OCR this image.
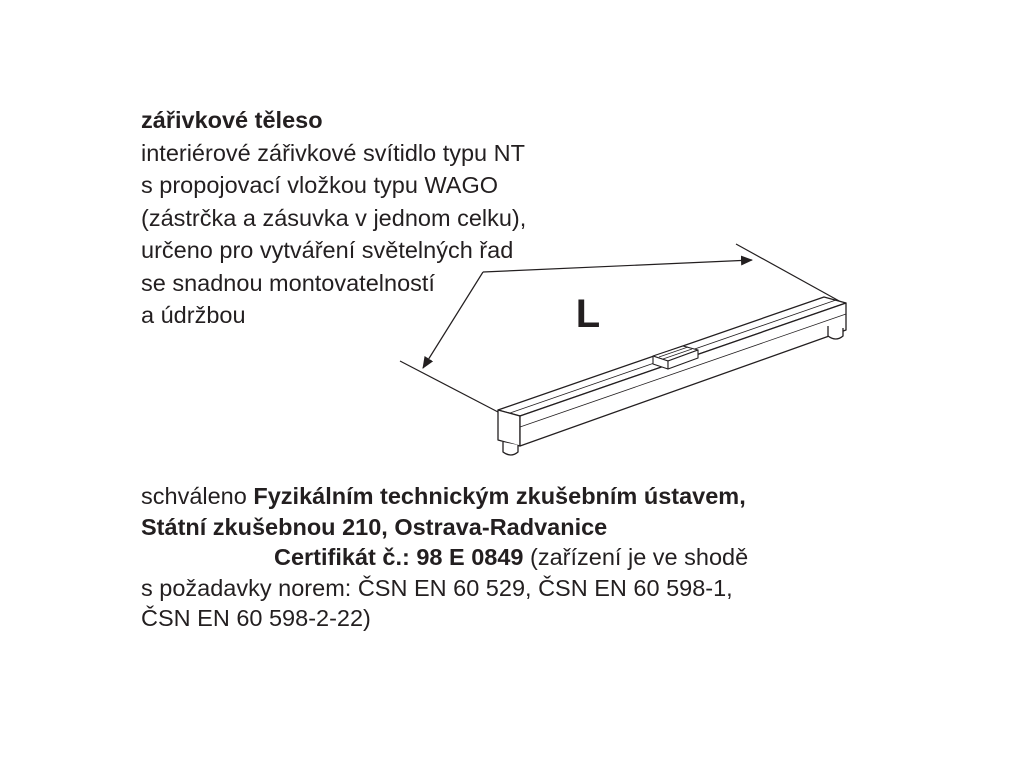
zářivkové těleso
interiérové zářivkové svítidlo typu NT
s propojovací vložkou typu WAGO
(zástrčka a zásuvka v jednom celku),
určeno pro vytváření světelných řad
se snadnou montovatelností
a údržbou	L
schváleno Fyzikálním technickým zkušebním ústavem,
Státní zkušebnou 210, Ostrava-Radvanice
Certifikát č.: 98 E 0849 (zařízení je ve shodě
s požadavky norem: ČSN EN 60 529, ČSN EN 60 598-1,
ČSN EN 60 598-2-22)
